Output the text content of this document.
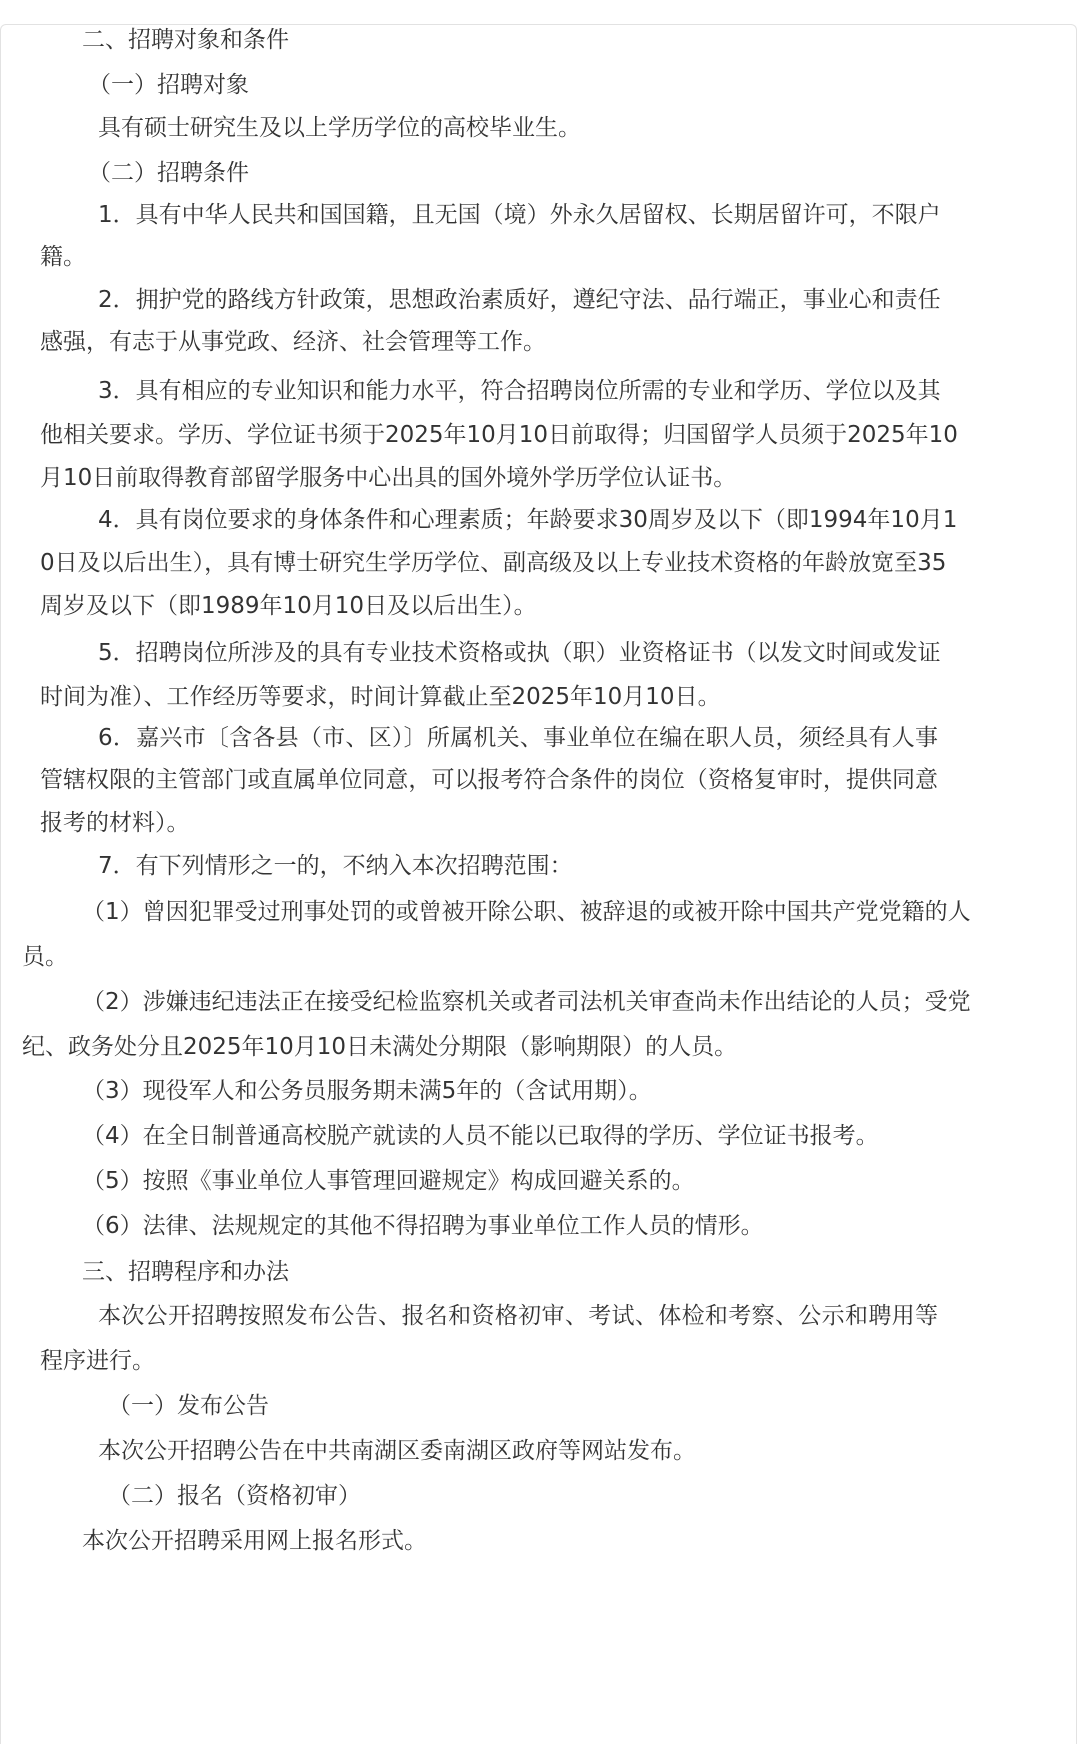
二、招聘对象和条件

（一）招聘对象

具有硕士研究生及以上学历学位的高校毕业生。

（二）招聘条件

1．具有中华人民共和国国籍，且无国（境）外永久居留权、长期居留许可，不限户

籍。

2．拥护党的路线方针政策，思想政治素质好，遵纪守法、品行端正，事业心和责任

感强，有志于从事党政、经济、社会管理等工作。

3．具有相应的专业知识和能力水平，符合招聘岗位所需的专业和学历、学位以及其

他相关要求。学历、学位证书须于2025年10月10日前取得；归国留学人员须于2025年10

月10日前取得教育部留学服务中心出具的国外境外学历学位认证书。

4．具有岗位要求的身体条件和心理素质；年龄要求30周岁及以下（即1994年10月1

0日及以后出生），具有博士研究生学历学位、副高级及以上专业技术资格的年龄放宽至35

周岁及以下（即1989年10月10日及以后出生）。

5．招聘岗位所涉及的具有专业技术资格或执（职）业资格证书（以发文时间或发证

时间为准）、工作经历等要求，时间计算截止至2025年10月10日。

6．嘉兴市〔含各县（市、区）〕所属机关、事业单位在编在职人员，须经具有人事

管辖权限的主管部门或直属单位同意，可以报考符合条件的岗位（资格复审时，提供同意

报考的材料）。

7．有下列情形之一的，不纳入本次招聘范围：

（1）曾因犯罪受过刑事处罚的或曾被开除公职、被辞退的或被开除中国共产党党籍的人

员。

（2）涉嫌违纪违法正在接受纪检监察机关或者司法机关审查尚未作出结论的人员；受党

纪、政务处分且2025年10月10日未满处分期限（影响期限）的人员。

（3）现役军人和公务员服务期未满5年的（含试用期）。

（4）在全日制普通高校脱产就读的人员不能以已取得的学历、学位证书报考。

（5）按照《事业单位人事管理回避规定》构成回避关系的。

（6）法律、法规规定的其他不得招聘为事业单位工作人员的情形。

三、招聘程序和办法

本次公开招聘按照发布公告、报名和资格初审、考试、体检和考察、公示和聘用等

程序进行。

（一）发布公告

本次公开招聘公告在中共南湖区委南湖区政府等网站发布。

（二）报名（资格初审）

本次公开招聘采用网上报名形式。
